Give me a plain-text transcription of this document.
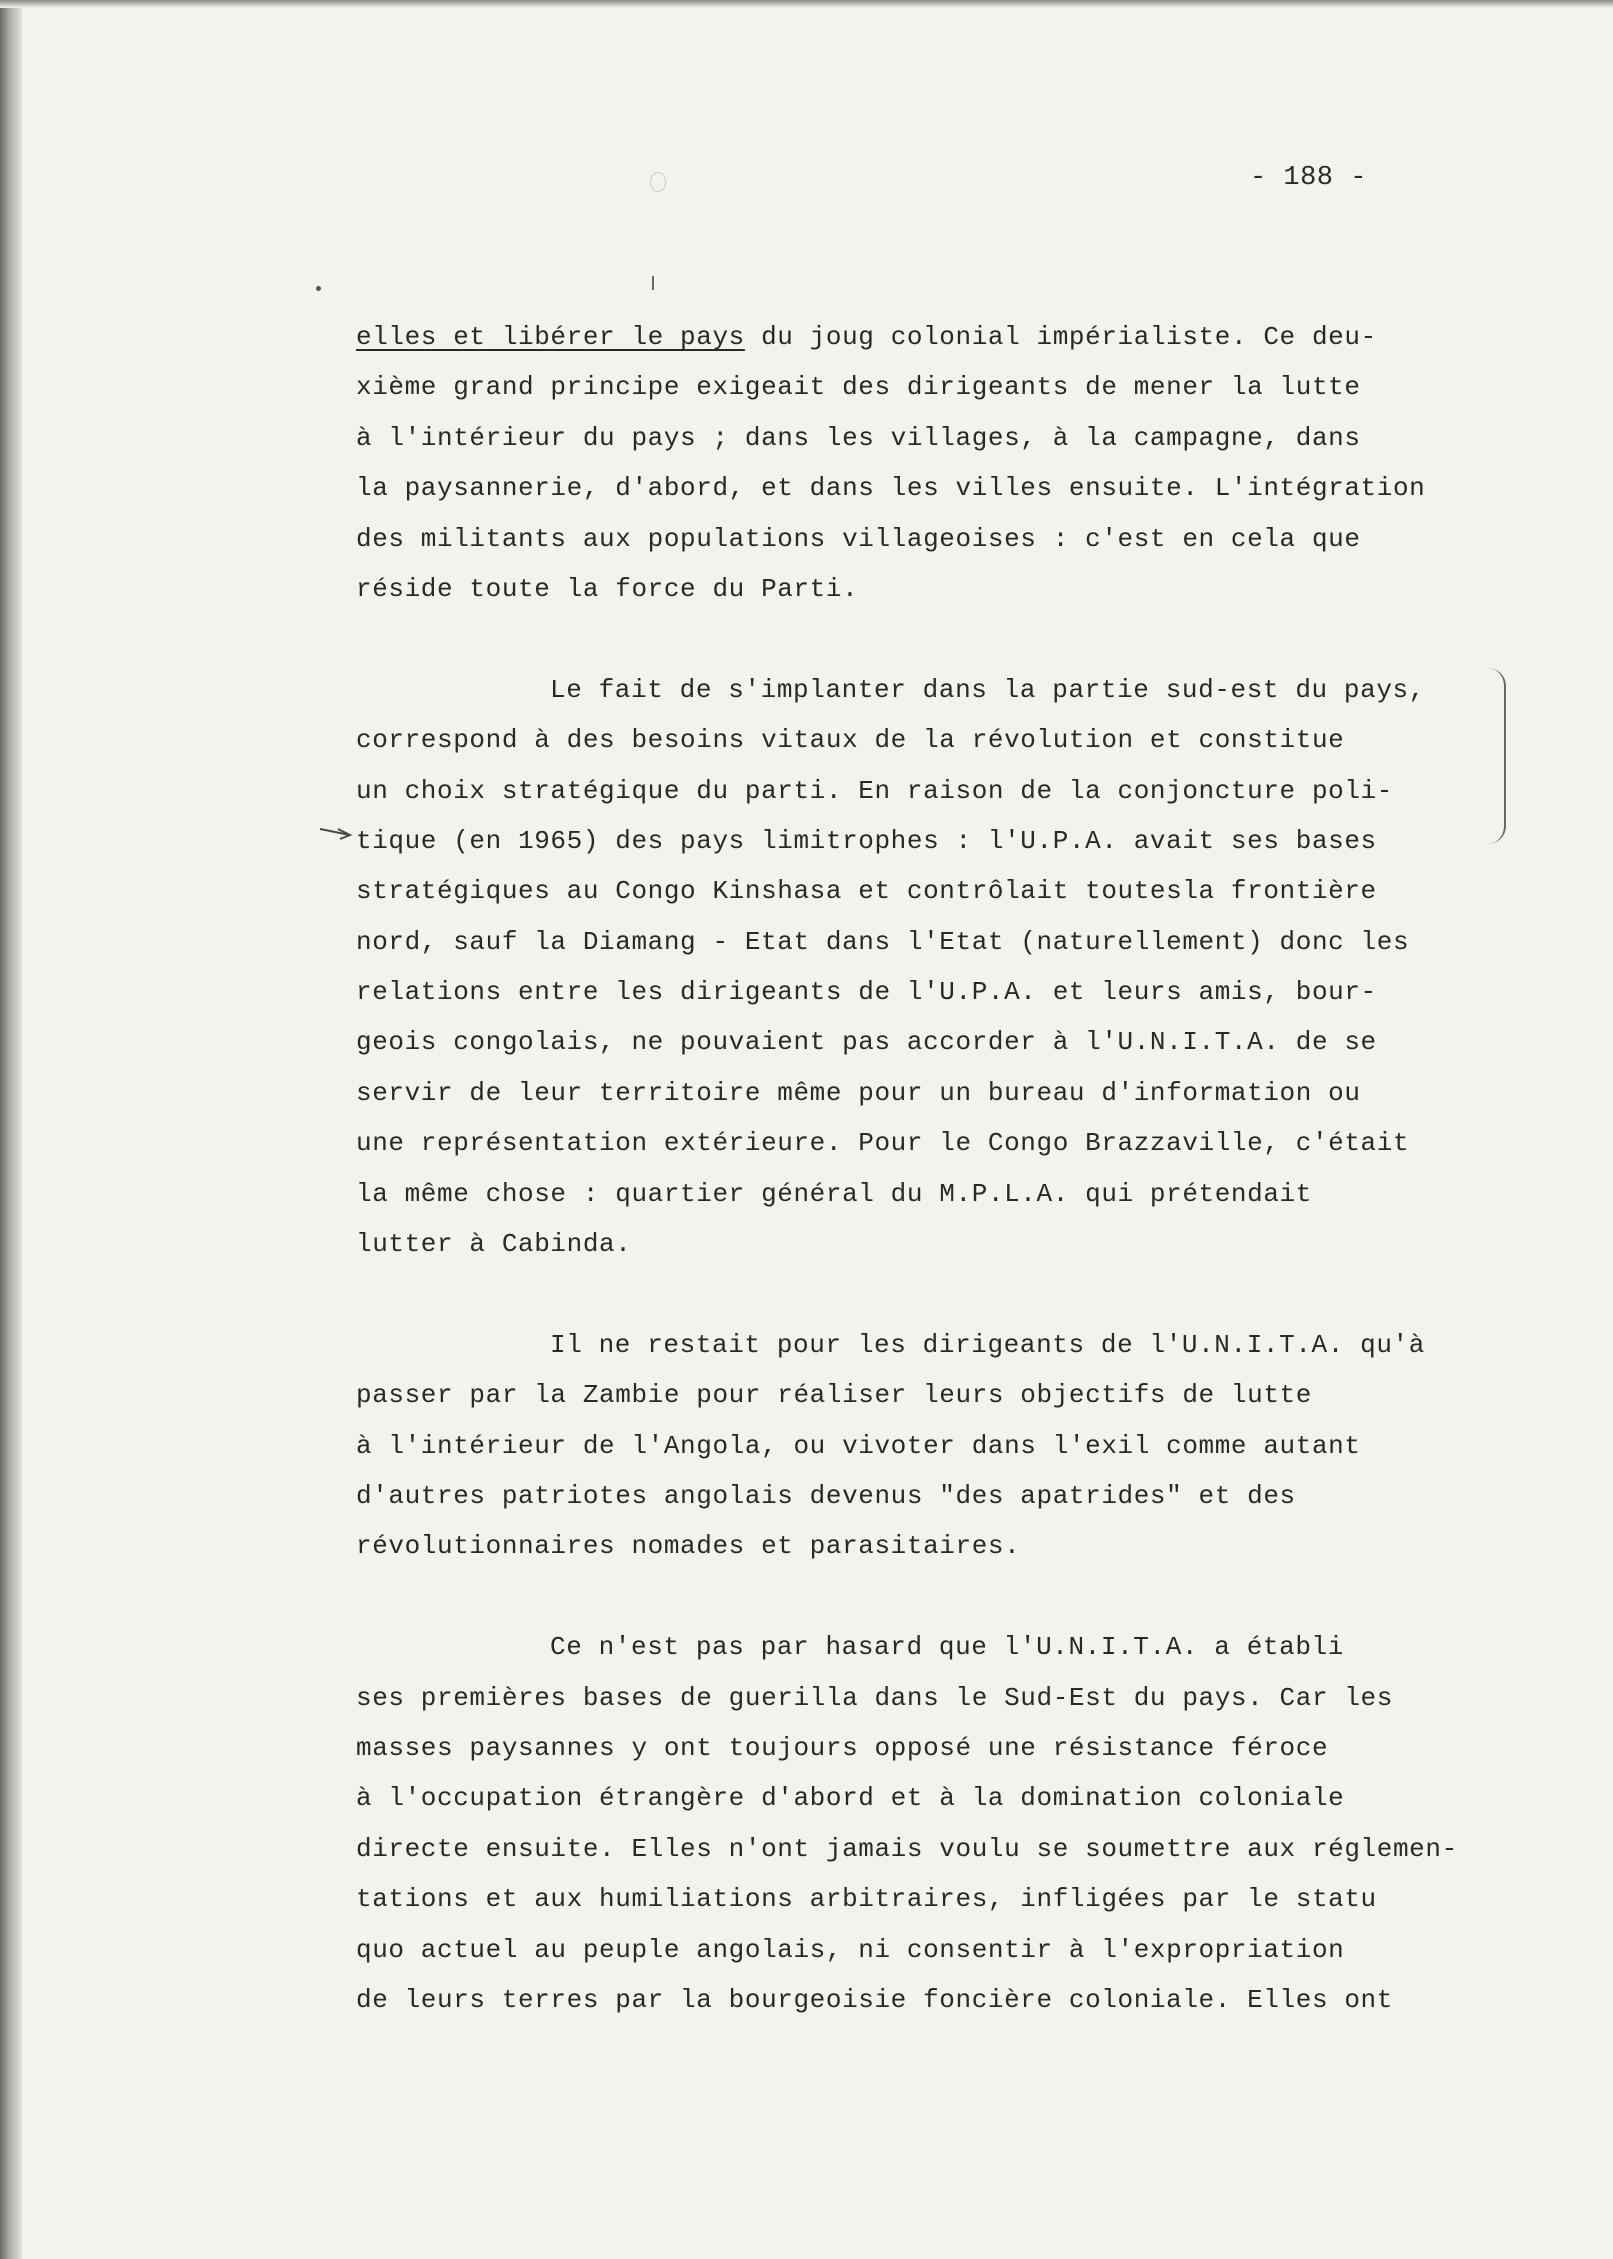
- 188 -
elles et libérer le pays du joug colonial impérialiste. Ce deu-
xième grand principe exigeait des dirigeants de mener la lutte
à l'intérieur du pays ; dans les villages, à la campagne, dans
la paysannerie, d'abord, et dans les villes ensuite. L'intégration
des militants aux populations villageoises : c'est en cela que
réside toute la force du Parti.
Le fait de s'implanter dans la partie sud-est du pays,
correspond à des besoins vitaux de la révolution et constitue
un choix stratégique du parti. En raison de la conjoncture poli-
tique (en 1965) des pays limitrophes : l'U.P.A. avait ses bases
stratégiques au Congo Kinshasa et contrôlait toutesla frontière
nord, sauf la Diamang - Etat dans l'Etat (naturellement) donc les
relations entre les dirigeants de l'U.P.A. et leurs amis, bour-
geois congolais, ne pouvaient pas accorder à l'U.N.I.T.A. de se
servir de leur territoire même pour un bureau d'information ou
une représentation extérieure. Pour le Congo Brazzaville, c'était
la même chose : quartier général du M.P.L.A. qui prétendait
lutter à Cabinda.
Il ne restait pour les dirigeants de l'U.N.I.T.A. qu'à
passer par la Zambie pour réaliser leurs objectifs de lutte
à l'intérieur de l'Angola, ou vivoter dans l'exil comme autant
d'autres patriotes angolais devenus "des apatrides" et des
révolutionnaires nomades et parasitaires.
Ce n'est pas par hasard que l'U.N.I.T.A. a établi
ses premières bases de guerilla dans le Sud-Est du pays. Car les
masses paysannes y ont toujours opposé une résistance féroce
à l'occupation étrangère d'abord et à la domination coloniale
directe ensuite. Elles n'ont jamais voulu se soumettre aux réglemen-
tations et aux humiliations arbitraires, infligées par le statu
quo actuel au peuple angolais, ni consentir à l'expropriation
de leurs terres par la bourgeoisie foncière coloniale. Elles ont
